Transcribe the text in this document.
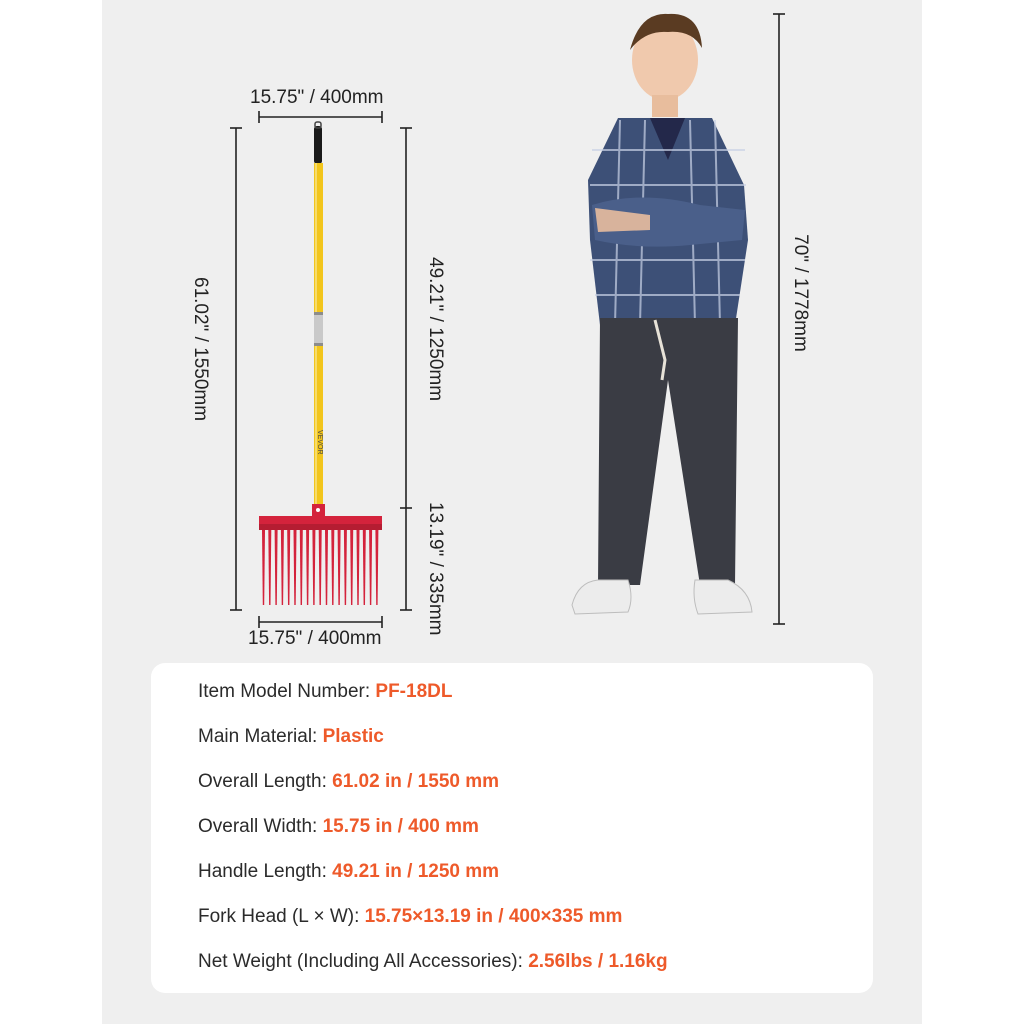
VEVOR
15.75" / 400mm
15.75" / 400mm
61.02" / 1550mm	49.21" / 1250mm
13.19" / 335mm
70" / 1778mm
Item Model Number: PF-18DL
Main Material: Plastic
Overall Length: 61.02 in / 1550 mm
Overall Width: 15.75 in / 400 mm
Handle Length: 49.21 in / 1250 mm
Fork Head (L × W): 15.75×13.19 in / 400×335 mm
Net Weight (Including All Accessories): 2.56lbs / 1.16kg
